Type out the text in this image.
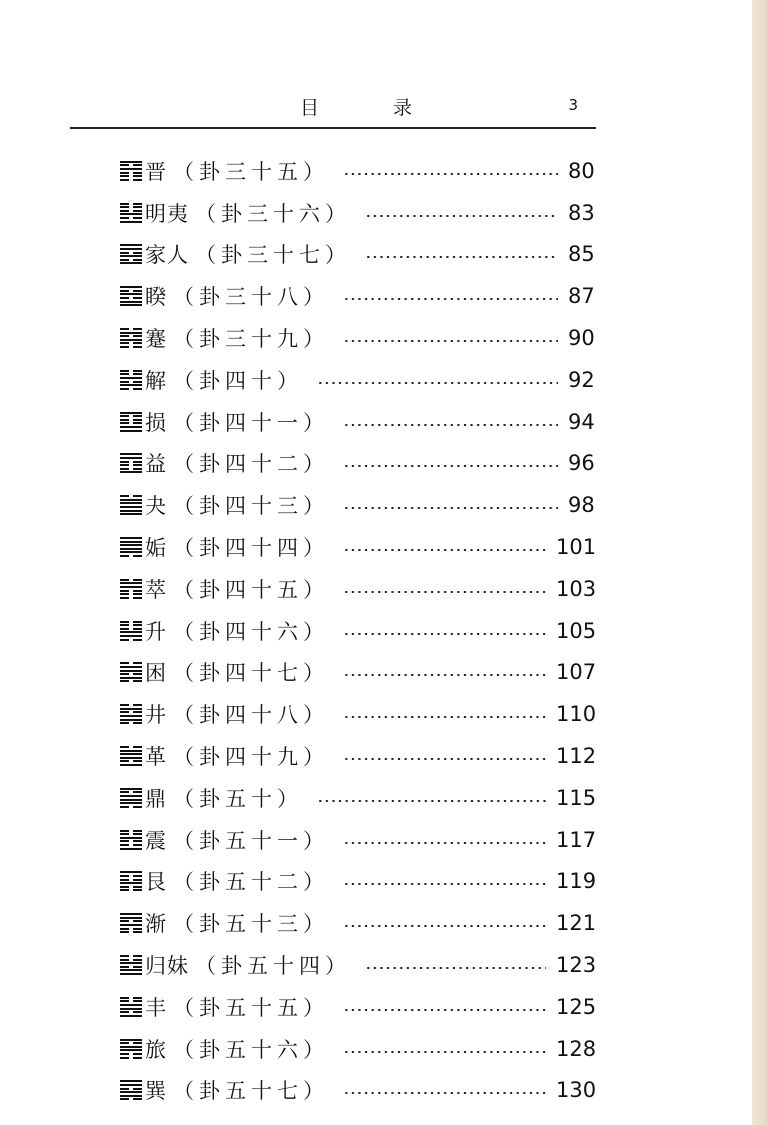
目 录	3
晋 （卦三十五）	80
明夷 （卦三十六）	83
家人 （卦三十七）	85
睽 （卦三十八）	87
蹇 （卦三十九）	90
解 （卦四十）	92
损 （卦四十一）	94
益 （卦四十二）	96
夬 （卦四十三）	98
姤 （卦四十四）	101
萃 （卦四十五）	103
升 （卦四十六）	105
困 （卦四十七）	107
井 （卦四十八）	110
革 （卦四十九）	112
鼎 （卦五十）	115
震 （卦五十一）	117
艮 （卦五十二）	119
渐 （卦五十三）	121
归妹 （卦五十四）	123
丰 （卦五十五）	125
旅 （卦五十六）	128
巽 （卦五十七）	130
